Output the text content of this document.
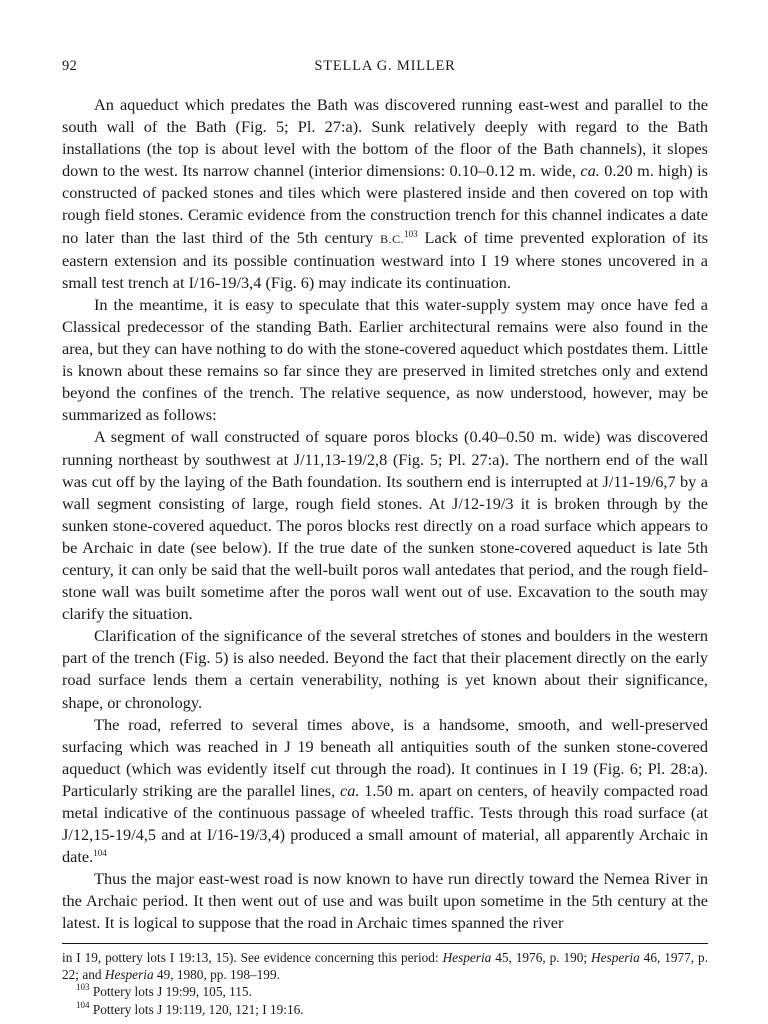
92	STELLA G. MILLER

An aqueduct which predates the Bath was discovered running east-west and parallel to the south wall of the Bath (Fig. 5; Pl. 27:a). Sunk relatively deeply with regard to the Bath installations (the top is about level with the bottom of the floor of the Bath channels), it slopes down to the west. Its narrow channel (interior dimensions: 0.10–0.12 m. wide, ca. 0.20 m. high) is constructed of packed stones and tiles which were plastered inside and then covered on top with rough field stones. Ceramic evidence from the construction trench for this channel indicates a date no later than the last third of the 5th century B.C.$^{103}$ Lack of time prevented exploration of its eastern extension and its possible continuation westward into I 19 where stones uncovered in a small test trench at I/16-19/3,4 (Fig. 6) may indicate its continuation.

In the meantime, it is easy to speculate that this water-supply system may once have fed a Classical predecessor of the standing Bath. Earlier architectural remains were also found in the area, but they can have nothing to do with the stone-covered aqueduct which postdates them. Little is known about these remains so far since they are preserved in limited stretches only and extend beyond the confines of the trench. The relative sequence, as now understood, however, may be summarized as follows:

A segment of wall constructed of square poros blocks (0.40–0.50 m. wide) was discovered running northeast by southwest at J/11,13-19/2,8 (Fig. 5; Pl. 27:a). The northern end of the wall was cut off by the laying of the Bath foundation. Its southern end is interrupted at J/11-19/6,7 by a wall segment consisting of large, rough field stones. At J/12-19/3 it is broken through by the sunken stone-covered aqueduct. The poros blocks rest directly on a road surface which appears to be Archaic in date (see below). If the true date of the sunken stone-covered aqueduct is late 5th century, it can only be said that the well-built poros wall antedates that period, and the rough field-stone wall was built sometime after the poros wall went out of use. Excavation to the south may clarify the situation.

Clarification of the significance of the several stretches of stones and boulders in the western part of the trench (Fig. 5) is also needed. Beyond the fact that their placement directly on the early road surface lends them a certain venerability, nothing is yet known about their significance, shape, or chronology.

The road, referred to several times above, is a handsome, smooth, and well-preserved surfacing which was reached in J 19 beneath all antiquities south of the sunken stone-covered aqueduct (which was evidently itself cut through the road). It continues in I 19 (Fig. 6; Pl. 28:a). Particularly striking are the parallel lines, ca. 1.50 m. apart on centers, of heavily compacted road metal indicative of the continuous passage of wheeled traffic. Tests through this road surface (at J/12,15-19/4,5 and at I/16-19/3,4) produced a small amount of material, all apparently Archaic in date.$^{104}$

Thus the major east-west road is now known to have run directly toward the Nemea River in the Archaic period. It then went out of use and was built upon sometime in the 5th century at the latest. It is logical to suppose that the road in Archaic times spanned the river

in I 19, pottery lots I 19:13, 15). See evidence concerning this period: Hesperia 45, 1976, p. 190; Hesperia 46, 1977, p. 22; and Hesperia 49, 1980, pp. 198–199.

$^{103}$ Pottery lots J 19:99, 105, 115.

$^{104}$ Pottery lots J 19:119, 120, 121; I 19:16.
